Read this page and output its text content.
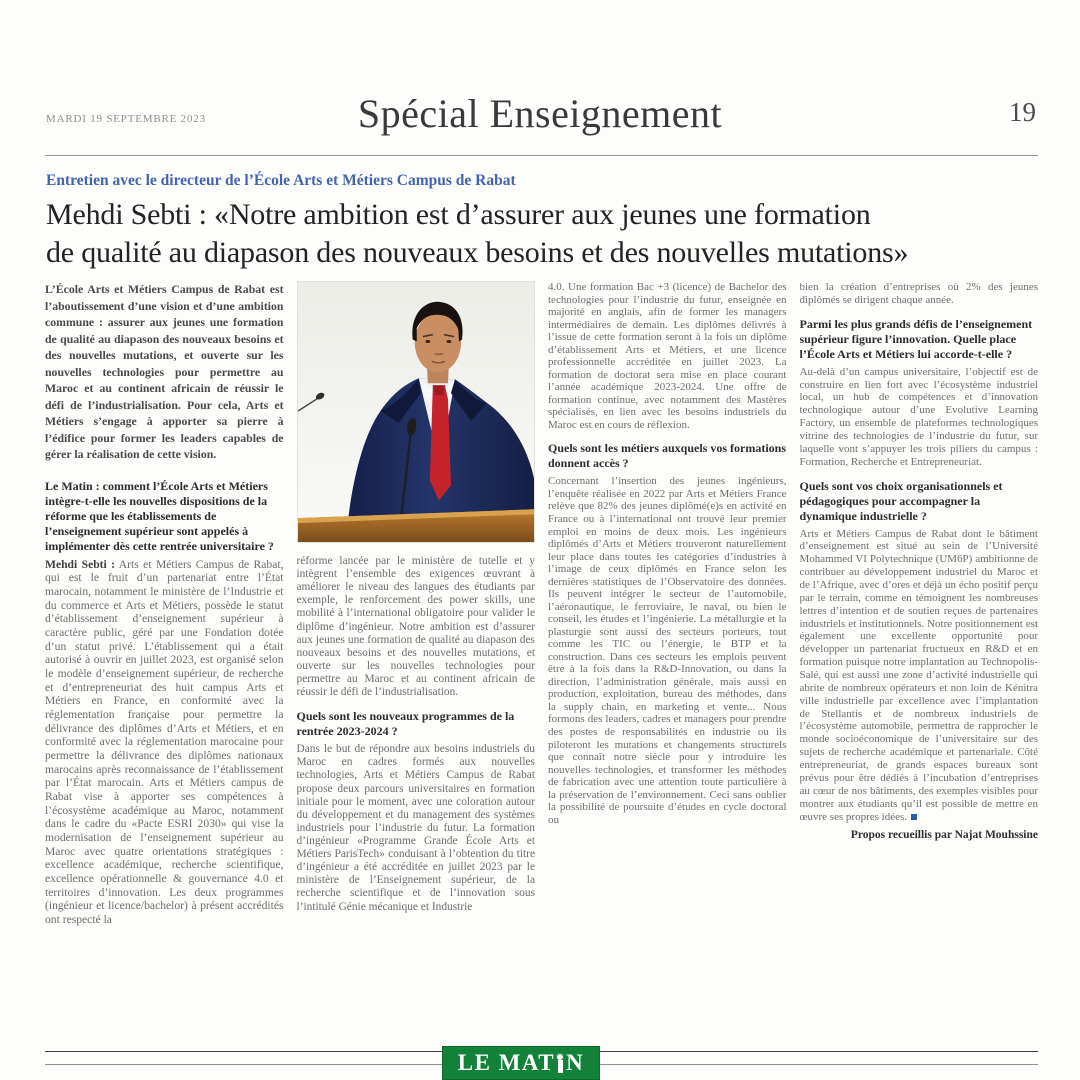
MARDI 19 SEPTEMBRE 2023	Spécial Enseignement	19
Entretien avec le directeur de l’École Arts et Métiers Campus de Rabat
Mehdi Sebti : «Notre ambition est d’assurer aux jeunes une formation
de qualité au diapason des nouveaux besoins et des nouvelles mutations»

L’École Arts et Métiers Campus de Rabat est l’aboutissement d’une vision et d’une ambition commune : assurer aux jeunes une formation de qualité au diapason des nouveaux besoins et des nouvelles mutations, et ouverte sur les nouvelles technologies pour permettre au Maroc et au continent africain de réussir le défi de l’industrialisation. Pour cela, Arts et Métiers s’engage à apporter sa pierre à l’édifice pour former les leaders capables de gérer la réalisation de cette vision.

Le Matin : comment l’École Arts et Métiers intègre-t-elle les nouvelles dispositions de la réforme que les établissements de l’enseignement supérieur sont appelés à implémenter dès cette rentrée universitaire ?

Mehdi Sebti : Arts et Métiers Campus de Rabat, qui est le fruit d’un partenariat entre l’État marocain, notamment le ministère de l’Industrie et du commerce et Arts et Métiers, possède le statut d’établissement d’enseignement supérieur à caractère public, géré par une Fondation dotée d’un statut privé. L’établissement qui a était autorisé à ouvrir en juillet 2023, est organisé selon le modèle d’enseignement supérieur, de recherche et d’entrepreneuriat des huit campus Arts et Métiers en France, en conformité avec la réglementation française pour permettre la délivrance des diplômes d’Arts et Métiers, et en conformité avec la réglementation marocaine pour permettre la délivrance des diplômes nationaux marocains après reconnaissance de l’établissement par l’État marocain. Arts et Métiers campus de Rabat vise à apporter ses compétences à l’écosystème académique au Maroc, notamment dans le cadre du «Pacte ESRI 2030» qui vise la modernisation de l’enseignement supérieur au Maroc avec quatre orientations stratégiques : excellence académique, recherche scientifique, excellence opérationnelle & gouvernance 4.0 et territoires d’innovation. Les deux programmes (ingénieur et licence/bachelor) à présent accrédités ont respecté la

réforme lancée par le ministère de tutelle et y intègrent l’ensemble des exigences œuvrant à améliorer le niveau des langues des étudiants par exemple, le renforcement des power skills, une mobilité à l’international obligatoire pour valider le diplôme d’ingénieur. Notre ambition est d’assurer aux jeunes une formation de qualité au diapason des nouveaux besoins et des nouvelles mutations, et ouverte sur les nouvelles technologies pour permettre au Maroc et au continent africain de réussir le défi de l’industrialisation.

Quels sont les nouveaux programmes de la rentrée 2023-2024 ?

Dans le but de répondre aux besoins industriels du Maroc en cadres formés aux nouvelles technologies, Arts et Métiers Campus de Rabat propose deux parcours universitaires en formation initiale pour le moment, avec une coloration autour du développement et du management des systèmes industriels pour l’industrie du futur. La formation d’ingénieur «Programme Grande École Arts et Métiers ParisTech» conduisant à l’obtention du titre d’ingénieur a été accréditée en juillet 2023 par le ministère de l’Enseignement supérieur, de la recherche scientifique et de l’innovation sous l’intitulé Génie mécanique et Industrie

4.0. Une formation Bac +3 (licence) de Bachelor des technologies pour l’industrie du futur, enseignée en majorité en anglais, afin de former les managers intermédiaires de demain. Les diplômes délivrés à l’issue de cette formation seront à la fois un diplôme d’établissement Arts et Métiers, et une licence professionnelle accréditée en juillet 2023. La formation de doctorat sera mise en place courant l’année académique 2023-2024. Une offre de formation continue, avec notamment des Mastères spécialisés, en lien avec les besoins industriels du Maroc est en cours de réflexion.

Quels sont les métiers auxquels vos formations donnent accès ?

Concernant l’insertion des jeunes ingénieurs, l’enquête réalisée en 2022 par Arts et Métiers France relève que 82% des jeunes diplômé(e)s en activité en France ou à l’international ont trouvé leur premier emploi en moins de deux mois. Les ingénieurs diplômés d’Arts et Métiers trouveront naturellement leur place dans toutes les catégories d’industries à l’image de ceux diplômés en France selon les dernières statistiques de l’Observatoire des données. Ils peuvent intégrer le secteur de l’automobile, l’aéronautique, le ferroviaire, le naval, ou bien le conseil, les études et l’ingénierie. La métallurgie et la plasturgie sont aussi des secteurs porteurs, tout comme les TIC ou l’énergie, le BTP et la construction. Dans ces secteurs les emplois peuvent être à la fois dans la R&D-Innovation, ou dans la direction, l’administration générale, mais aussi en production, exploitation, bureau des méthodes, dans la supply chain, en marketing et vente... Nous formons des leaders, cadres et managers pour prendre des postes de responsabilités en industrie ou ils piloteront les mutations et changements structurels que connaît notre siècle pour y introduire les nouvelles technologies, et transformer les méthodes de fabrication avec une attention toute particulière à la préservation de l’environnement. Ceci sans oublier la possibilité de poursuite d’études en cycle doctoral ou

bien la création d’entreprises où 2% des jeunes diplômés se dirigent chaque année.

Parmi les plus grands défis de l’enseignement supérieur figure l’innovation. Quelle place l’École Arts et Métiers lui accorde-t-elle ?

Au-delà d’un campus universitaire, l’objectif est de construire en lien fort avec l’écosystème industriel local, un hub de compétences et d’innovation technologique autour d’une Evolutive Learning Factory, un ensemble de plateformes technologiques vitrine des technologies de l’industrie du futur, sur laquelle vont s’appuyer les trois piliers du campus : Formation, Recherche et Entrepreneuriat.

Quels sont vos choix organisationnels et pédagogiques pour accompagner la dynamique industrielle ?

Arts et Métiers Campus de Rabat dont le bâtiment d’enseignement est situé au sein de l’Université Mohammed VI Polytechnique (UM6P) ambitionne de contribuer au développement industriel du Maroc et de l’Afrique, avec d’ores et déjà un écho positif perçu par le terrain, comme en témoignent les nombreuses lettres d’intention et de soutien reçues de partenaires industriels et institutionnels. Notre positionnement est également une excellente opportunité pour développer un partenariat fructueux en R&D et en formation puisque notre implantation au Technopolis-Salé, qui est aussi une zone d’activité industrielle qui abrite de nombreux opérateurs et non loin de Kénitra ville industrielle par excellence avec l’implantation de Stellantis et de nombreux industriels de l’écosystème automobile, permettra de rapprocher le monde socioéconomique de l’universitaire sur des sujets de recherche académique et partenariale. Côté entrepreneuriat, de grands espaces bureaux sont prévus pour être dédiés à l’incubation d’entreprises au cœur de nos bâtiments, des exemples visibles pour montrer aux étudiants qu’il est possible de mettre en œuvre ses propres idées.

Propos recueillis par Najat Mouhssine

LE MAT N
